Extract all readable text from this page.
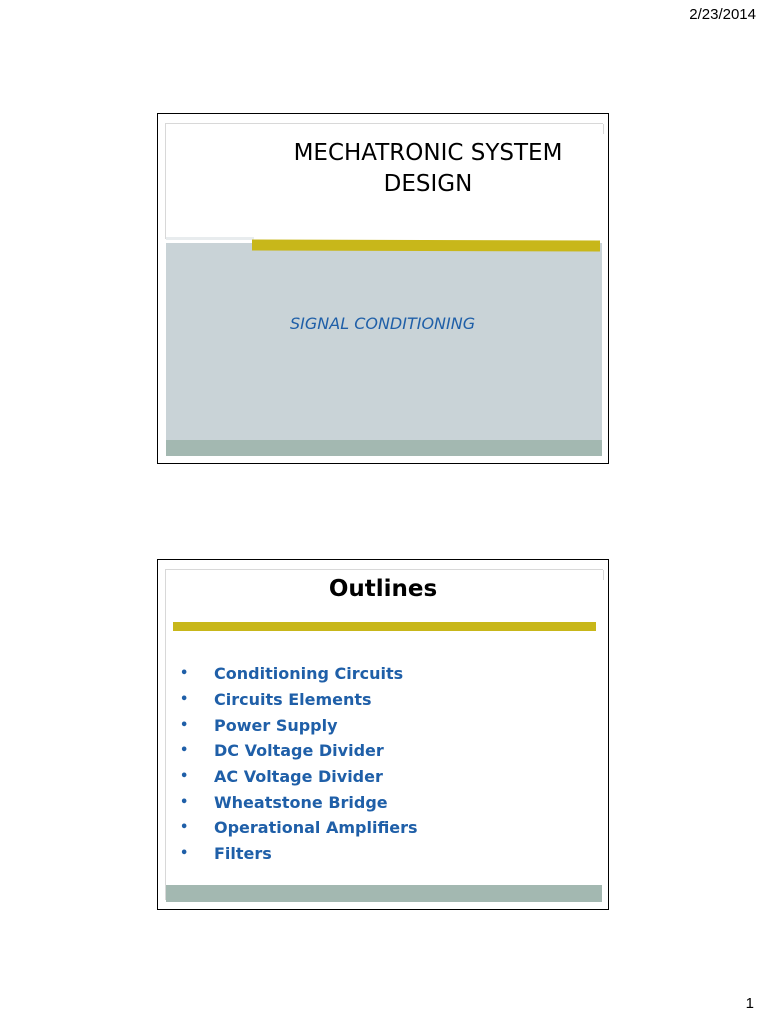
2/23/2014
MECHATRONIC SYSTEM
DESIGN
SIGNAL CONDITIONING
Outlines
•	Conditioning Circuits
•	Circuits Elements
•	Power Supply
•	DC Voltage Divider
•	AC Voltage Divider
•	Wheatstone Bridge
•	Operational Amplifiers
•	Filters
1
